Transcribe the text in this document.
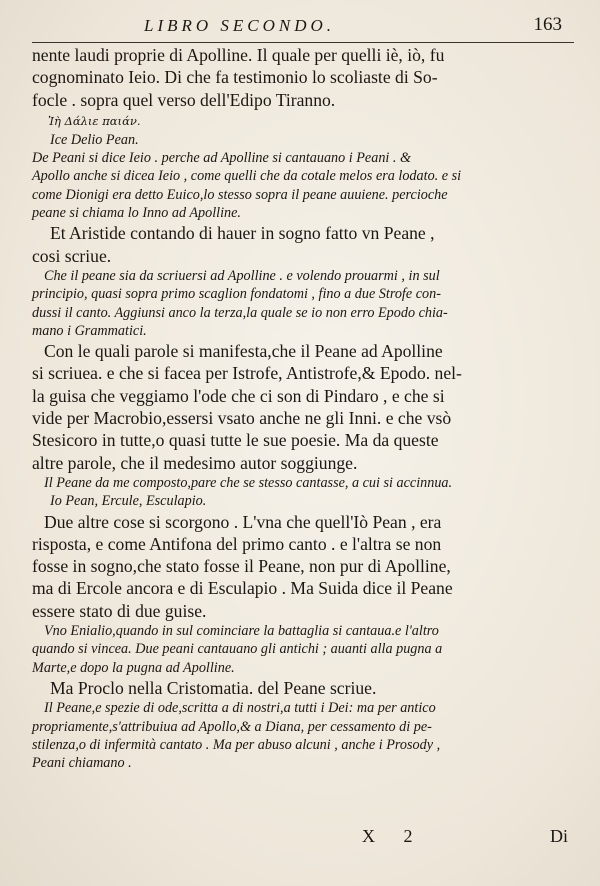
LIBRO SECONDO.	163
nente laudi proprie di Apolline. Il quale per quelli iè, iò, fu
cognominato Ieio. Di che fa testimonio lo scoliaste di So-
focle . sopra quel verso dell'Edipo Tiranno.
Ἰὴ Δάλιε παιάν.
Ice Delio Pean.
De Peani si dice Ieio . perche ad Apolline si cantauano i Peani . &
Apollo anche si dicea Ieio , come quelli che da cotale melos era lodato. e si
come Dionigi era detto Euico,lo stesso sopra il peane auuiene. percioche
peane si chiama lo Inno ad Apolline.
Et Aristide contando di hauer in sogno fatto vn Peane ,
cosi scriue.
Che il peane sia da scriuersi ad Apolline . e volendo prouarmi , in sul
principio, quasi sopra primo scaglion fondatomi , fino a due Strofe con-
dussi il canto. Aggiunsi anco la terza,la quale se io non erro Epodo chia-
mano i Grammatici.
Con le quali parole si manifesta,che il Peane ad Apolline
si scriuea. e che si facea per Istrofe, Antistrofe,& Epodo. nel-
la guisa che veggiamo l'ode che ci son di Pindaro , e che si
vide per Macrobio,essersi vsato anche ne gli Inni. e che vsò
Stesicoro in tutte,o quasi tutte le sue poesie. Ma da queste
altre parole, che il medesimo autor soggiunge.
Il Peane da me composto,pare che se stesso cantasse, a cui si accinnua.
Io Pean, Ercule, Esculapio.
Due altre cose si scorgono . L'vna che quell'Iò Pean , era
risposta, e come Antifona del primo canto . e l'altra se non
fosse in sogno,che stato fosse il Peane, non pur di Apolline,
ma di Ercole ancora e di Esculapio . Ma Suida dice il Peane
essere stato di due guise.
Vno Enialio,quando in sul cominciare la battaglia si cantaua.e l'altro
quando si vincea. Due peani cantauano gli antichi ; auanti alla pugna a
Marte,e dopo la pugna ad Apolline.
Ma Proclo nella Cristomatia. del Peane scriue.
Il Peane,e spezie di ode,scritta a di nostri,a tutti i Dei: ma per antico
propriamente,s'attribuiua ad Apollo,& a Diana, per cessamento di pe-
stilenza,o di infermità cantato . Ma per abuso alcuni , anche i Prosody ,
Peani chiamano .
X 2	Di
